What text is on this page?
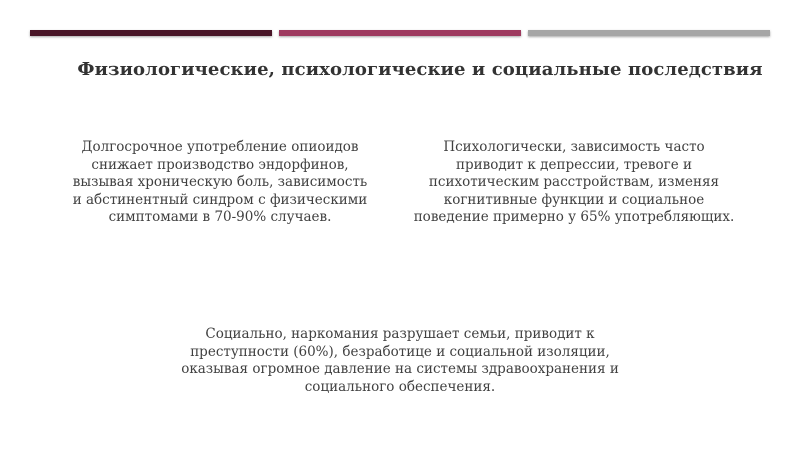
Физиологические, психологические и социальные последствия
Долгосрочное употребление опиоидов
снижает производство эндорфинов,
вызывая хроническую боль, зависимость
и абстинентный синдром с физическими
симптомами в 70-90% случаев.
Психологически, зависимость часто
приводит к депрессии, тревоге и
психотическим расстройствам, изменяя
когнитивные функции и социальное
поведение примерно у 65% употребляющих.
Социально, наркомания разрушает семьи, приводит к
преступности (60%), безработице и социальной изоляции,
оказывая огромное давление на системы здравоохранения и
социального обеспечения.
